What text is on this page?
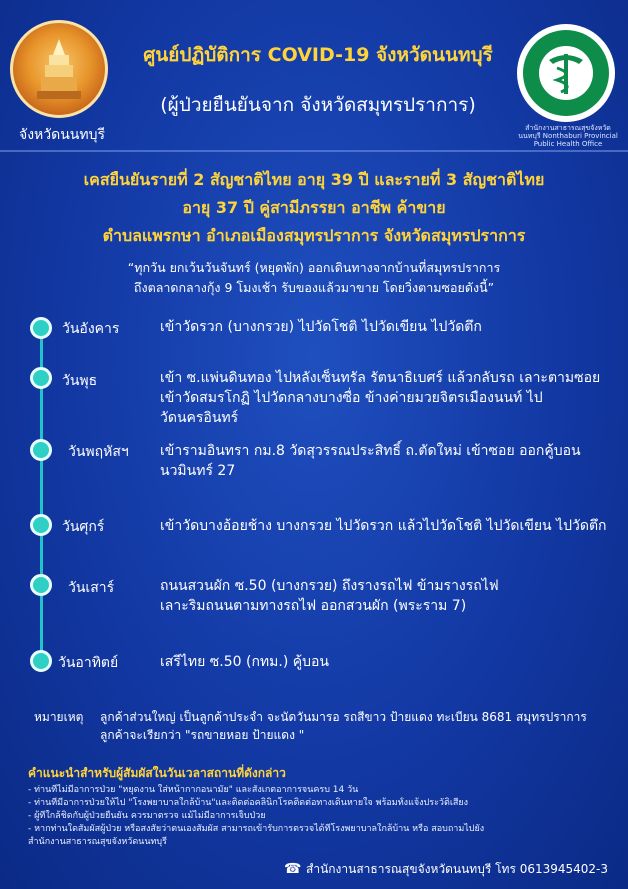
จังหวัดนนทบุรี
ศูนย์ปฏิบัติการ COVID-19 จังหวัดนนทบุรี
(ผู้ป่วยยืนยันจาก จังหวัดสมุทรปราการ)
สำนักงานสาธารณสุขจังหวัดนนทบุรี Nonthaburi Provincial Public Health Office
เคสยืนยันรายที่ 2 สัญชาติไทย อายุ 39 ปี และรายที่ 3 สัญชาติไทย
อายุ 37 ปี คู่สามีภรรยา อาชีพ ค้าขาย
ตำบลแพรกษา อำเภอเมืองสมุทรปราการ จังหวัดสมุทรปราการ
“ทุกวัน ยกเว้นวันจันทร์ (หยุดพัก) ออกเดินทางจากบ้านที่สมุทรปราการ
ถึงตลาดกลางกุ้ง 9 โมงเช้า รับของแล้วมาขาย โดยวิ่งตามซอยดังนี้”
วันอังคาร	เข้าวัดรวก (บางกรวย) ไปวัดโชติ ไปวัดเขียน ไปวัดตึก
วันพุธ	เข้า ซ.แพ่นดินทอง ไปหลังเซ็นทรัล รัตนาธิเบศร์ แล้วกลับรถ เลาะตามซอย
เข้าวัดสมรโกฏิ ไปวัดกลางบางซื่อ ข้างค่ายมวยจิตรเมืองนนท์ ไปวัดนครอินทร์
วันพฤหัสฯ เข้ารามอินทรา กม.8 วัดสุวรรณประสิทธิ์ ถ.ตัดใหม่ เข้าซอย ออกคู้บอน
นวมินทร์ 27
วันศุกร์	เข้าวัดบางอ้อยช้าง บางกรวย ไปวัดรวก แล้วไปวัดโชติ ไปวัดเขียน ไปวัดตึก
วันเสาร์	ถนนสวนผัก ซ.50 (บางกรวย) ถึงรางรถไฟ ข้ามรางรถไฟ
เลาะริมถนนตามทางรถไฟ ออกสวนผัก (พระราม 7)
วันอาทิตย์	เสรีไทย ซ.50 (กทม.) คู้บอน
หมายเหตุ ลูกค้าส่วนใหญ่ เป็นลูกค้าประจำ จะนัดวันมารอ รถสีขาว ป้ายแดง ทะเบียน 8681 สมุทรปราการ
ลูกค้าจะเรียกว่า "รถขายหอย ป้ายแดง "
คำแนะนำสำหรับผู้สัมผัสในวันเวลาสถานที่ดังกล่าว
- ท่านที่ไม่มีอาการป่วย "หยุดงาน ใส่หน้ากากอนามัย" และสังเกตอาการจนครบ 14 วัน
- ท่านที่มีอาการป่วยให้ไป "โรงพยาบาลใกล้บ้าน"และติดต่อคลินิกโรคติดต่อทางเดินหายใจ พร้อมทั้งแจ้งประวัติเสี่ยง
- ผู้ที่ใกล้ชิดกับผู้ป่วยยืนยัน ควรมาตรวจ แม้ไม่มีอาการเจ็บป่วย
- หากท่านใดสัมผัสผู้ป่วย หรือสงสัยว่าตนเองสัมผัส สามารถเข้ารับการตรวจได้ที่โรงพยาบาลใกล้บ้าน หรือ สอบถามไปยัง
สำนักงานสาธารณสุขจังหวัดนนทบุรี
☎ สำนักงานสาธารณสุขจังหวัดนนทบุรี โทร 0613945402-3
